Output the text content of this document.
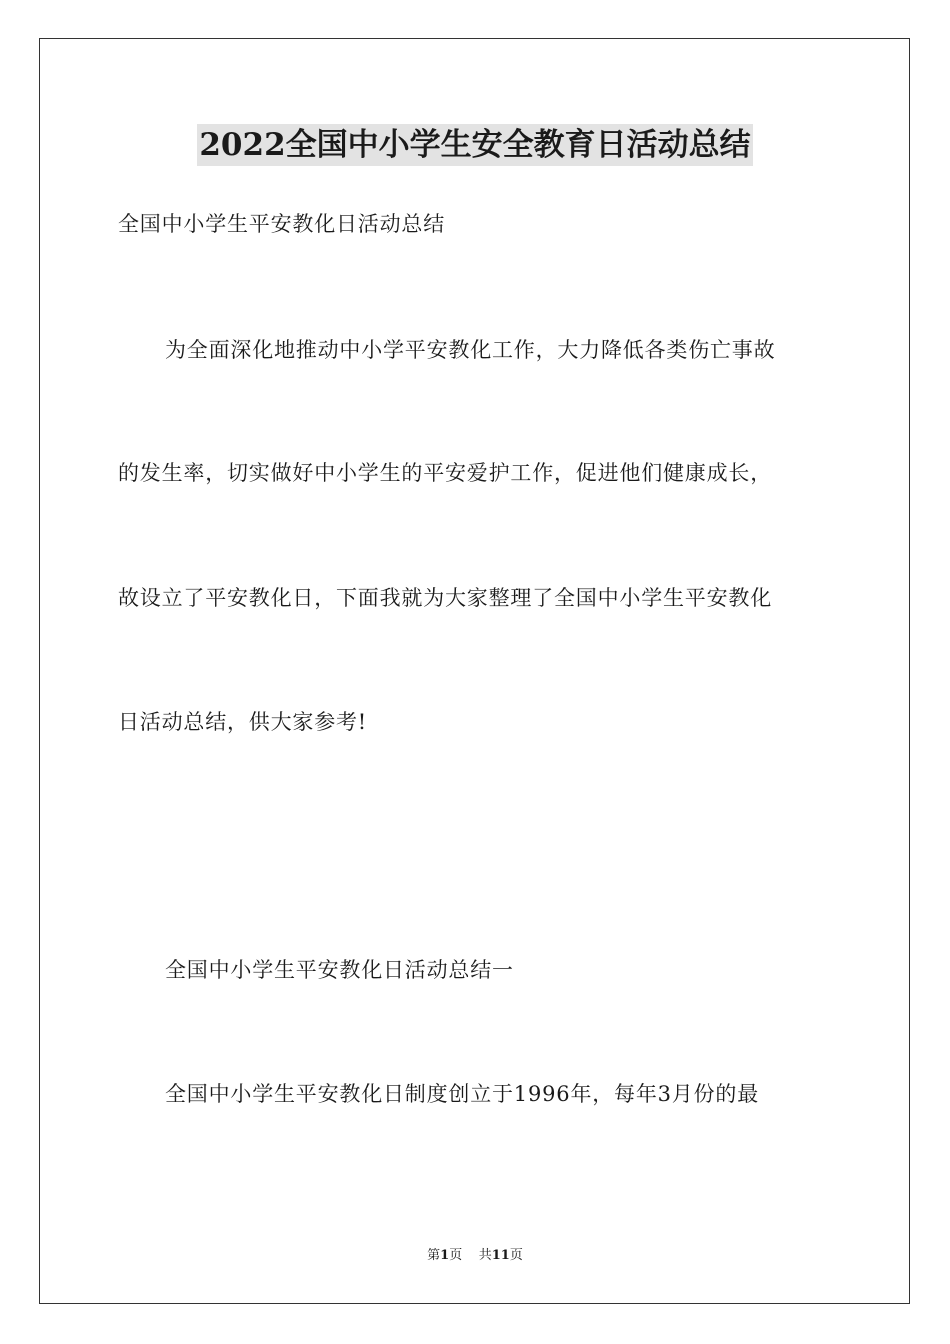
2022全国中小学生安全教育日活动总结
全国中小学生平安教化日活动总结
为全面深化地推动中小学平安教化工作，大力降低各类伤亡事故
的发生率，切实做好中小学生的平安爱护工作，促进他们健康成长，
故设立了平安教化日，下面我就为大家整理了全国中小学生平安教化
日活动总结，供大家参考!
全国中小学生平安教化日活动总结一
全国中小学生平安教化日制度创立于1996年，每年3月份的最
第1页 共11页
